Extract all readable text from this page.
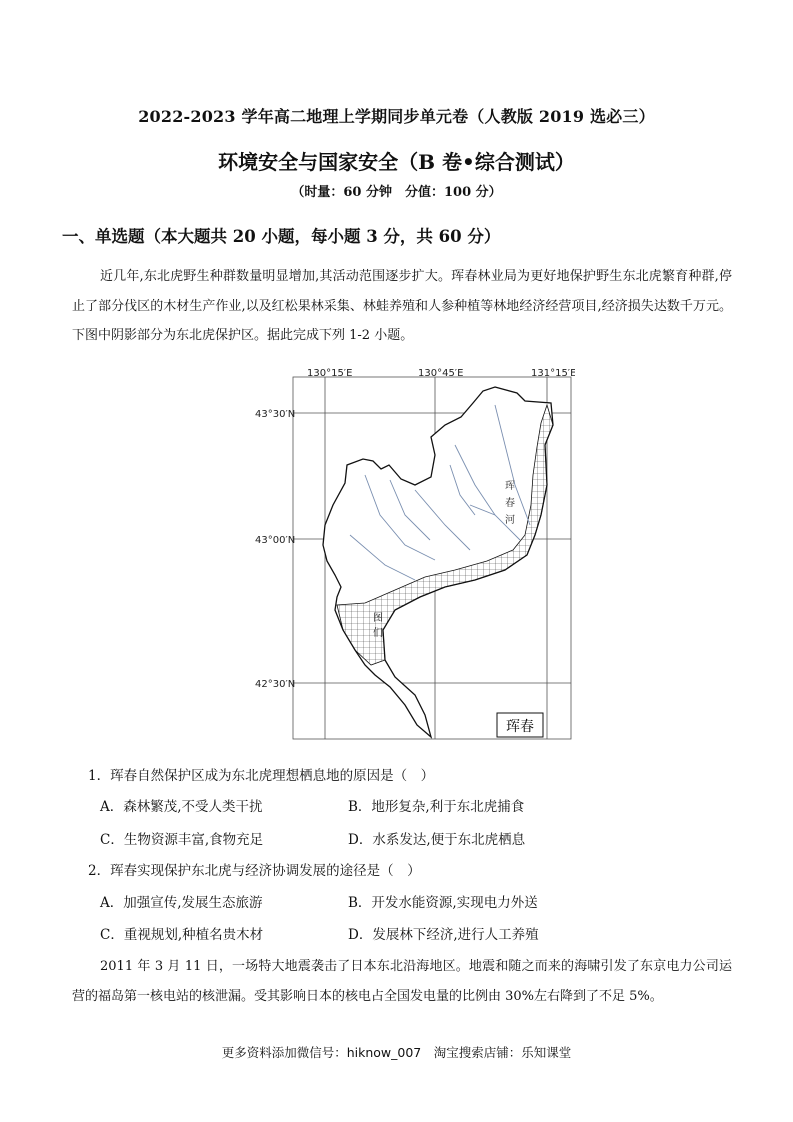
2022-2023 学年高二地理上学期同步单元卷（人教版 2019 选必三）
环境安全与国家安全（B 卷•综合测试）
（时量：60 分钟　分值：100 分）
一、单选题（本大题共 20 小题，每小题 3 分，共 60 分）
近几年,东北虎野生种群数量明显增加,其活动范围逐步扩大。珲春林业局为更好地保护野生东北虎繁育种群,停止了部分伐区的木材生产作业,以及红松果林采集、林蛙养殖和人参种植等林地经济经营项目,经济损失达数千万元。下图中阴影部分为东北虎保护区。据此完成下列 1-2 小题。
130°15′E	130°45′E	131°15′E
43°30′N
43°00′N
42°30′N
珲
春
河
图
们
珲春
1．珲春自然保护区成为东北虎理想栖息地的原因是（　）
A．森林繁茂,不受人类干扰	B．地形复杂,利于东北虎捕食
C．生物资源丰富,食物充足	D．水系发达,便于东北虎栖息
2．珲春实现保护东北虎与经济协调发展的途径是（　）
A．加强宣传,发展生态旅游	B．开发水能资源,实现电力外送
C．重视规划,种植名贵木材	D．发展林下经济,进行人工养殖
2011 年 3 月 11 日，一场特大地震袭击了日本东北沿海地区。地震和随之而来的海啸引发了东京电力公司运营的福岛第一核电站的核泄漏。受其影响日本的核电占全国发电量的比例由 30%左右降到了不足 5%。
更多资料添加微信号：hiknow_007　淘宝搜索店铺：乐知课堂
